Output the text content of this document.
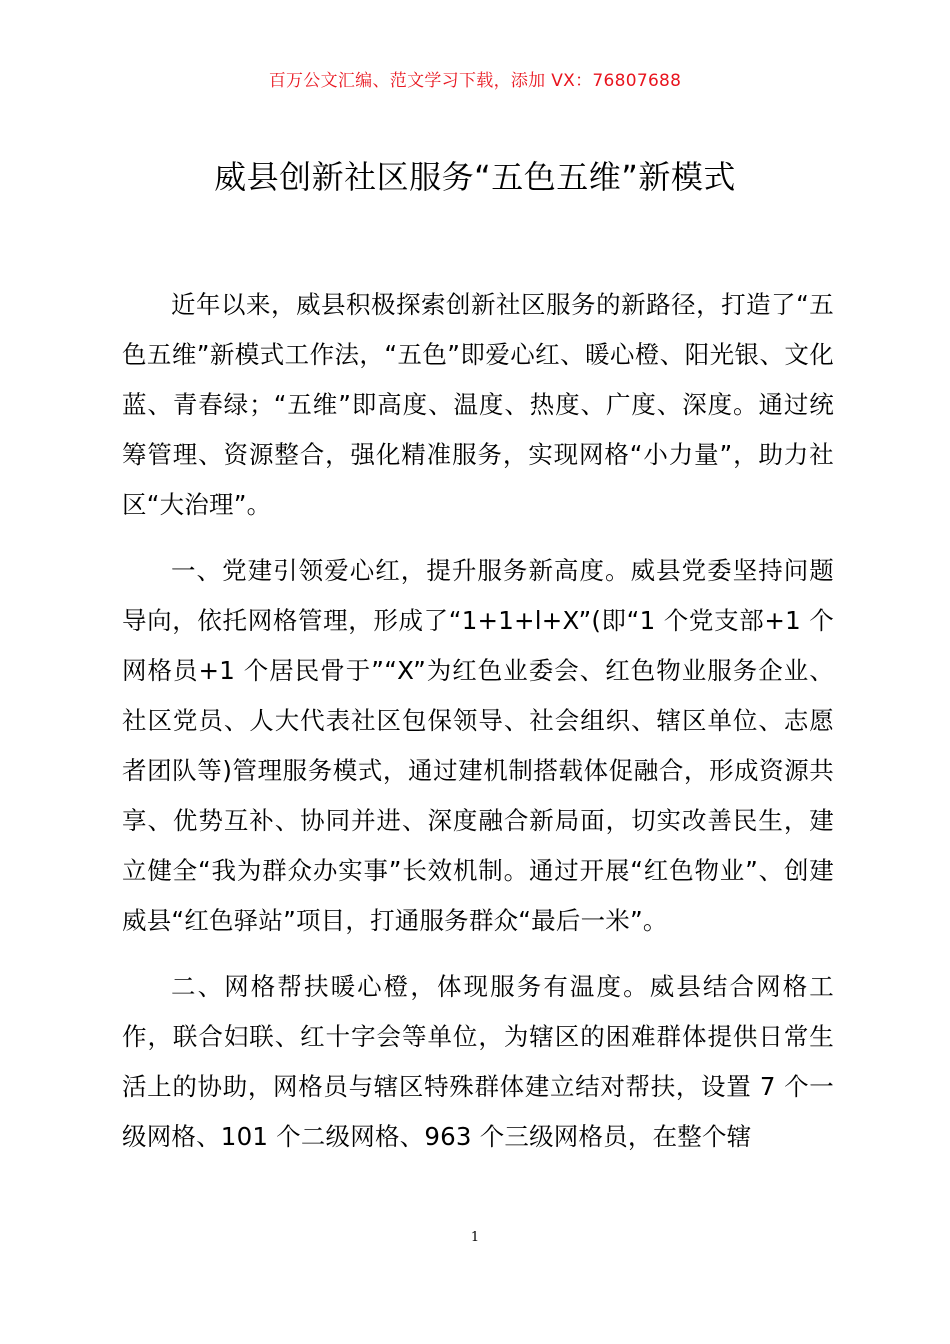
百万公文汇编、范文学习下载，添加 VX：76807688
威县创新社区服务“五色五维”新模式

近年以来，威县积极探索创新社区服务的新路径，打造了“五色五维”新模式工作法，“五色”即爱心红、暖心橙、阳光银、文化蓝、青春绿；“五维”即高度、温度、热度、广度、深度。通过统筹管理、资源整合，强化精准服务，实现网格“小力量”，助力社区“大治理”。

一、党建引领爱心红，提升服务新高度。威县党委坚持问题导向，依托网格管理，形成了“1+1+l+X”(即“1 个党支部+1 个网格员+1 个居民骨于”“X”为红色业委会、红色物业服务企业、社区党员、人大代表社区包保领导、社会组织、辖区单位、志愿者团队等)管理服务模式，通过建机制搭载体促融合，形成资源共享、优势互补、协同并进、深度融合新局面，切实改善民生，建立健全“我为群众办实事”长效机制。通过开展“红色物业”、创建威县“红色驿站”项目，打通服务群众“最后一米”。

二、网格帮扶暖心橙，体现服务有温度。威县结合网格工作，联合妇联、红十字会等单位，为辖区的困难群体提供日常生活上的协助，网格员与辖区特殊群体建立结对帮扶，设置 7 个一级网格、101 个二级网格、963 个三级网格员，在整个辖

1
